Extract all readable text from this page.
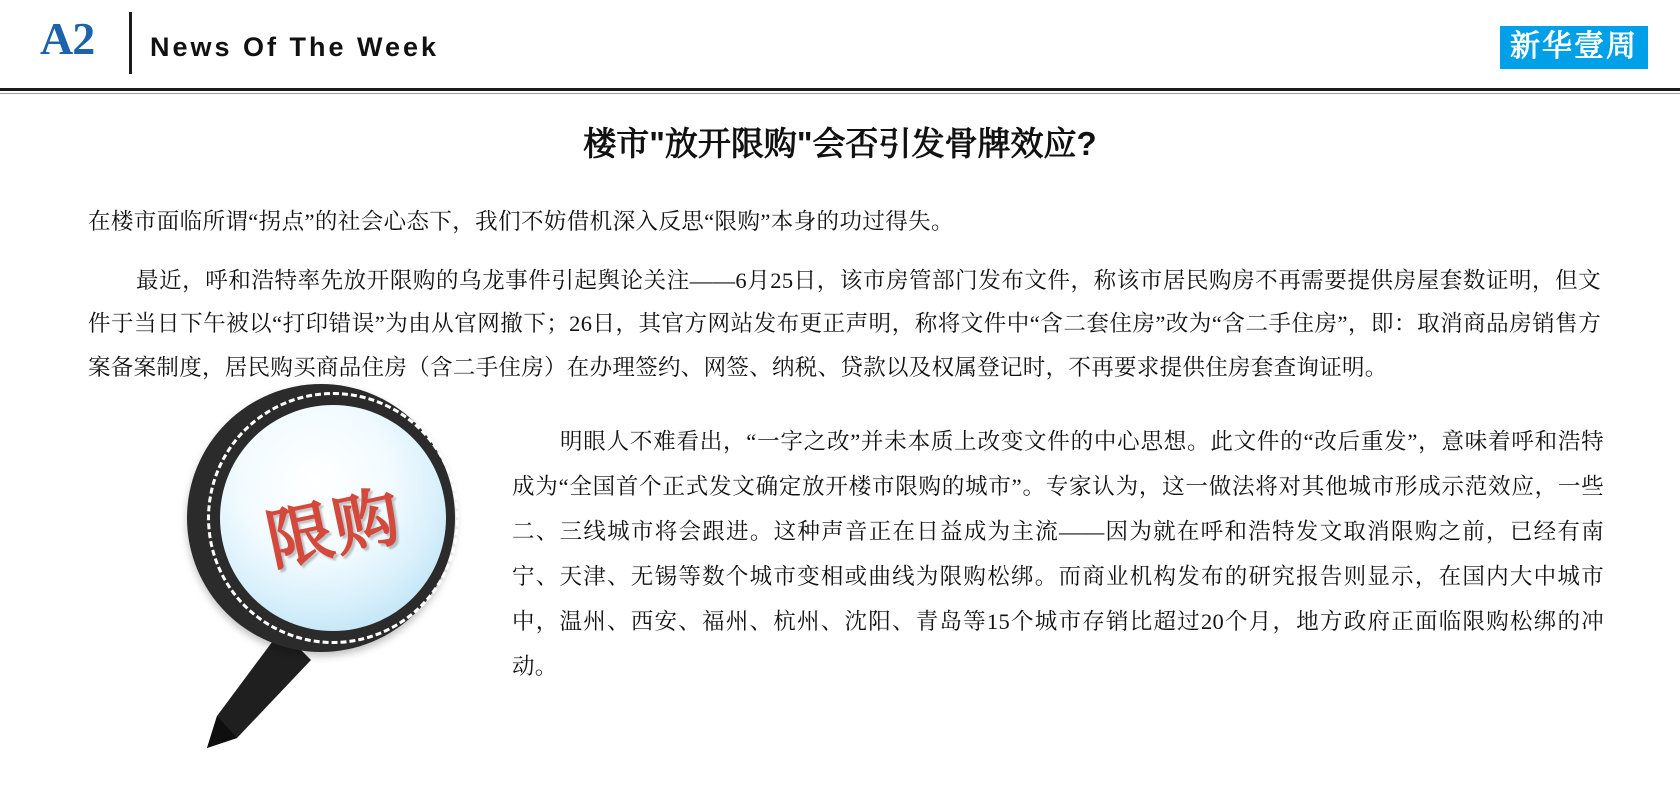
A2 News Of The Week	新华壹周
楼市"放开限购"会否引发骨牌效应?

在楼市面临所谓“拐点”的社会心态下，我们不妨借机深入反思“限购”本身的功过得失。

最近，呼和浩特率先放开限购的乌龙事件引起舆论关注——6月25日，该市房管部门发布文件，称该市居民购房不再需要提供房屋套数证明，但文件于当日下午被以“打印错误”为由从官网撤下；26日，其官方网站发布更正声明，称将文件中“含二套住房”改为“含二手住房”，即：取消商品房销售方案备案制度，居民购买商品住房（含二手住房）在办理签约、网签、纳税、贷款以及权属登记时，不再要求提供住房套查询证明。

限购

明眼人不难看出，“一字之改”并未本质上改变文件的中心思想。此文件的“改后重发”，意味着呼和浩特成为“全国首个正式发文确定放开楼市限购的城市”。专家认为，这一做法将对其他城市形成示范效应，一些二、三线城市将会跟进。这种声音正在日益成为主流——因为就在呼和浩特发文取消限购之前，已经有南宁、天津、无锡等数个城市变相或曲线为限购松绑。而商业机构发布的研究报告则显示，在国内大中城市中，温州、西安、福州、杭州、沈阳、青岛等15个城市存销比超过20个月，地方政府正面临限购松绑的冲动。
